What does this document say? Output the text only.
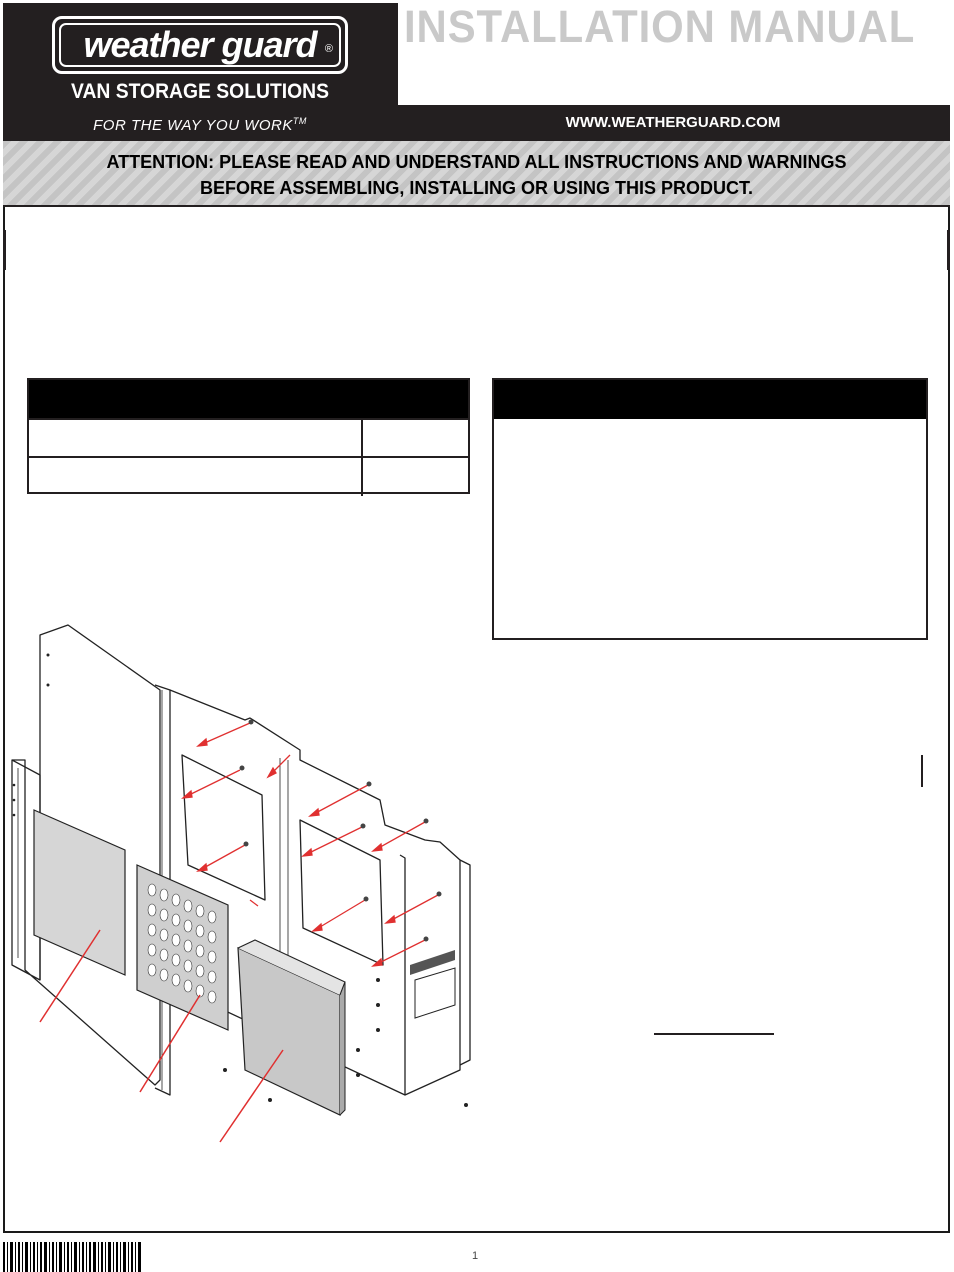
weather guard ®
VAN STORAGE SOLUTIONS
FOR THE WAY YOU WORK™
INSTALLATION MANUAL
WWW.WEATHERGUARD.COM
ATTENTION: PLEASE READ AND UNDERSTAND ALL INSTRUCTIONS AND WARNINGS
BEFORE ASSEMBLING, INSTALLING OR USING THIS PRODUCT.
1
